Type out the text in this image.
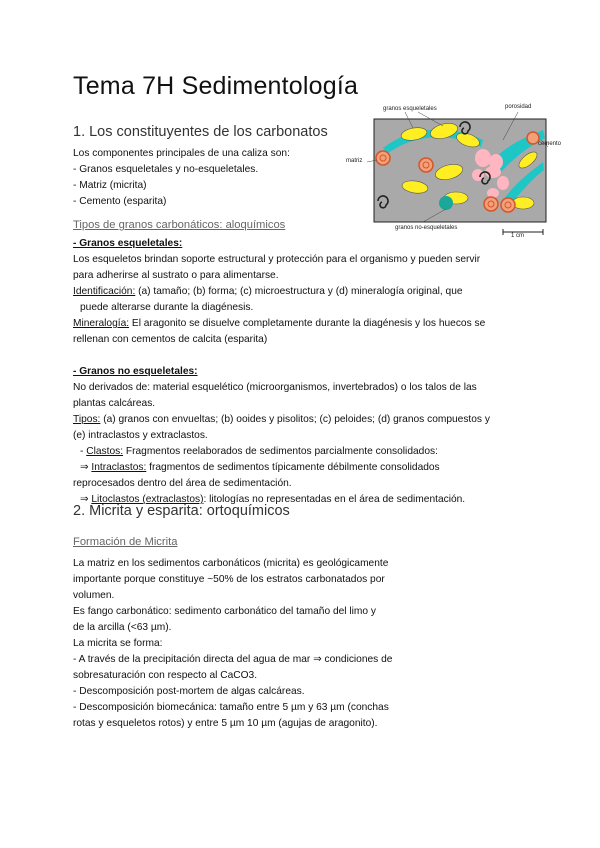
Tema 7H Sedimentología
1. Los constituyentes de los carbonatos
Los componentes principales de una caliza son:
- Granos esqueletales y no-esqueletales.
- Matriz (micrita)
- Cemento (esparita)
granos esqueletales	porosidad
cemento
matriz
granos no-esqueletales
1 cm
Tipos de granos carbonáticos: aloquímicos
- Granos esqueletales:
Los esqueletos brindan soporte estructural y protección para el organismo y pueden servir
para adherirse al sustrato o para alimentarse.
Identificación: (a) tamaño; (b) forma; (c) microestructura y (d) mineralogía original, que
puede alterarse durante la diagénesis.
Mineralogía: El aragonito se disuelve completamente durante la diagénesis y los huecos se
rellenan con cementos de calcita (esparita)
- Granos no esqueletales:
No derivados de: material esquelético (microorganismos, invertebrados) o los talos de las
plantas calcáreas.
Tipos: (a) granos con envueltas; (b) ooides y pisolitos; (c) peloides; (d) granos compuestos y
(e) intraclastos y extraclastos.
- Clastos: Fragmentos reelaborados de sedimentos parcialmente consolidados:
⇒ Intraclastos: fragmentos de sedimentos típicamente débilmente consolidados
reprocesados dentro del área de sedimentación.
⇒ Litoclastos (extraclastos): litologías no representadas en el área de sedimentación.
2. Micrita y esparita: ortoquímicos
Formación de Micrita
La matriz en los sedimentos carbonáticos (micrita) es geológicamente
importante porque constituye ~50% de los estratos carbonatados por
volumen.
Es fango carbonático: sedimento carbonático del tamaño del limo y
de la arcilla (<63 µm).
La micrita se forma:
- A través de la precipitación directa del agua de mar ⇒ condiciones de
sobresaturación con respecto al CaCO3.
- Descomposición post-mortem de algas calcáreas.
- Descomposición biomecánica: tamaño entre 5 µm y 63 µm (conchas
rotas y esqueletos rotos) y entre 5 µm 10 µm (agujas de aragonito).
